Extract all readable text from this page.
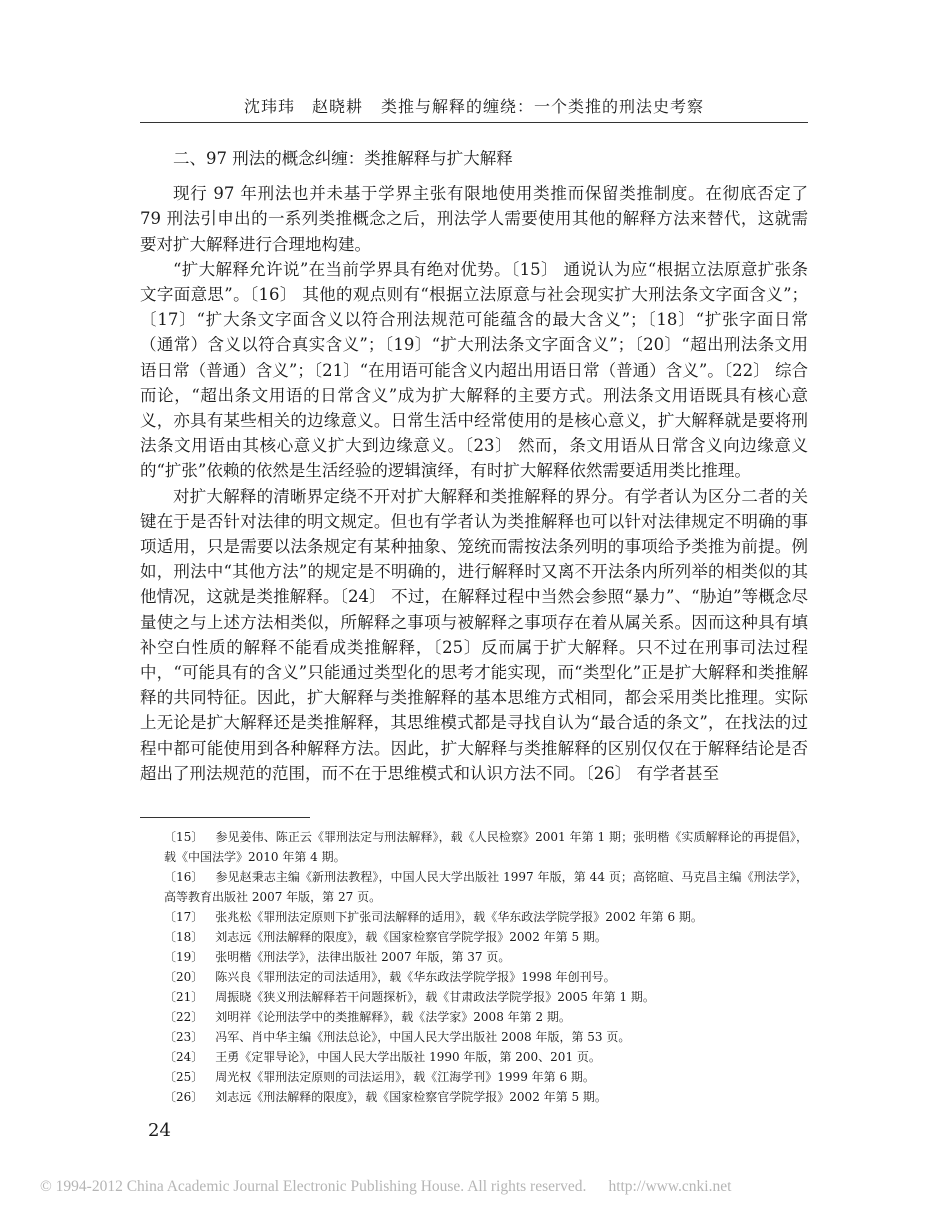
沈玮玮　赵晓耕 类推与解释的缠绕：一个类推的刑法史考察
二、97 刑法的概念纠缠：类推解释与扩大解释

现行 97 年刑法也并未基于学界主张有限地使用类推而保留类推制度。在彻底否定了 79 刑法引申出的一系列类推概念之后，刑法学人需要使用其他的解释方法来替代，这就需要对扩大解释进行合理地构建。

“扩大解释允许说”在当前学界具有绝对优势。〔15〕 通说认为应“根据立法原意扩张条文字面意思”。〔16〕 其他的观点则有“根据立法原意与社会现实扩大刑法条文字面含义”；〔17〕“扩大条文字面含义以符合刑法规范可能蕴含的最大含义”；〔18〕“扩张字面日常（通常）含义以符合真实含义”；〔19〕“扩大刑法条文字面含义”；〔20〕“超出刑法条文用语日常（普通）含义”；〔21〕“在用语可能含义内超出用语日常（普通）含义”。〔22〕 综合而论，“超出条文用语的日常含义”成为扩大解释的主要方式。刑法条文用语既具有核心意义，亦具有某些相关的边缘意义。日常生活中经常使用的是核心意义，扩大解释就是要将刑法条文用语由其核心意义扩大到边缘意义。〔23〕 然而，条文用语从日常含义向边缘意义的“扩张”依赖的依然是生活经验的逻辑演绎，有时扩大解释依然需要适用类比推理。

对扩大解释的清晰界定绕不开对扩大解释和类推解释的界分。有学者认为区分二者的关键在于是否针对法律的明文规定。但也有学者认为类推解释也可以针对法律规定不明确的事项适用，只是需要以法条规定有某种抽象、笼统而需按法条列明的事项给予类推为前提。例如，刑法中“其他方法”的规定是不明确的，进行解释时又离不开法条内所列举的相类似的其他情况，这就是类推解释。〔24〕 不过，在解释过程中当然会参照“暴力”、“胁迫”等概念尽量使之与上述方法相类似，所解释之事项与被解释之事项存在着从属关系。因而这种具有填补空白性质的解释不能看成类推解释，〔25〕反而属于扩大解释。只不过在刑事司法过程中，“可能具有的含义”只能通过类型化的思考才能实现，而“类型化”正是扩大解释和类推解释的共同特征。因此，扩大解释与类推解释的基本思维方式相同，都会采用类比推理。实际上无论是扩大解释还是类推解释，其思维模式都是寻找自认为“最合适的条文”，在找法的过程中都可能使用到各种解释方法。因此，扩大解释与类推解释的区别仅仅在于解释结论是否超出了刑法规范的范围，而不在于思维模式和认识方法不同。〔26〕 有学者甚至

〔15〕 参见姜伟、陈正云《罪刑法定与刑法解释》，载《人民检察》2001 年第 1 期；张明楷《实质解释论的再提倡》，载《中国法学》2010 年第 4 期。

〔16〕 参见赵秉志主编《新刑法教程》，中国人民大学出版社 1997 年版，第 44 页；高铭暄、马克昌主编《刑法学》，高等教育出版社 2007 年版，第 27 页。

〔17〕 张兆松《罪刑法定原则下扩张司法解释的适用》，载《华东政法学院学报》2002 年第 6 期。

〔18〕 刘志远《刑法解释的限度》，载《国家检察官学院学报》2002 年第 5 期。

〔19〕 张明楷《刑法学》，法律出版社 2007 年版，第 37 页。

〔20〕 陈兴良《罪刑法定的司法适用》，载《华东政法学院学报》1998 年创刊号。

〔21〕 周振晓《狭义刑法解释若干问题探析》，载《甘肃政法学院学报》2005 年第 1 期。

〔22〕 刘明祥《论刑法学中的类推解释》，载《法学家》2008 年第 2 期。

〔23〕 冯军、肖中华主编《刑法总论》，中国人民大学出版社 2008 年版，第 53 页。

〔24〕 王勇《定罪导论》，中国人民大学出版社 1990 年版，第 200、201 页。

〔25〕 周光权《罪刑法定原则的司法运用》，载《江海学刊》1999 年第 6 期。

〔26〕 刘志远《刑法解释的限度》，载《国家检察官学院学报》2002 年第 5 期。

24
© 1994-2012 China Academic Journal Electronic Publishing House. All rights reserved. http://www.cnki.net
